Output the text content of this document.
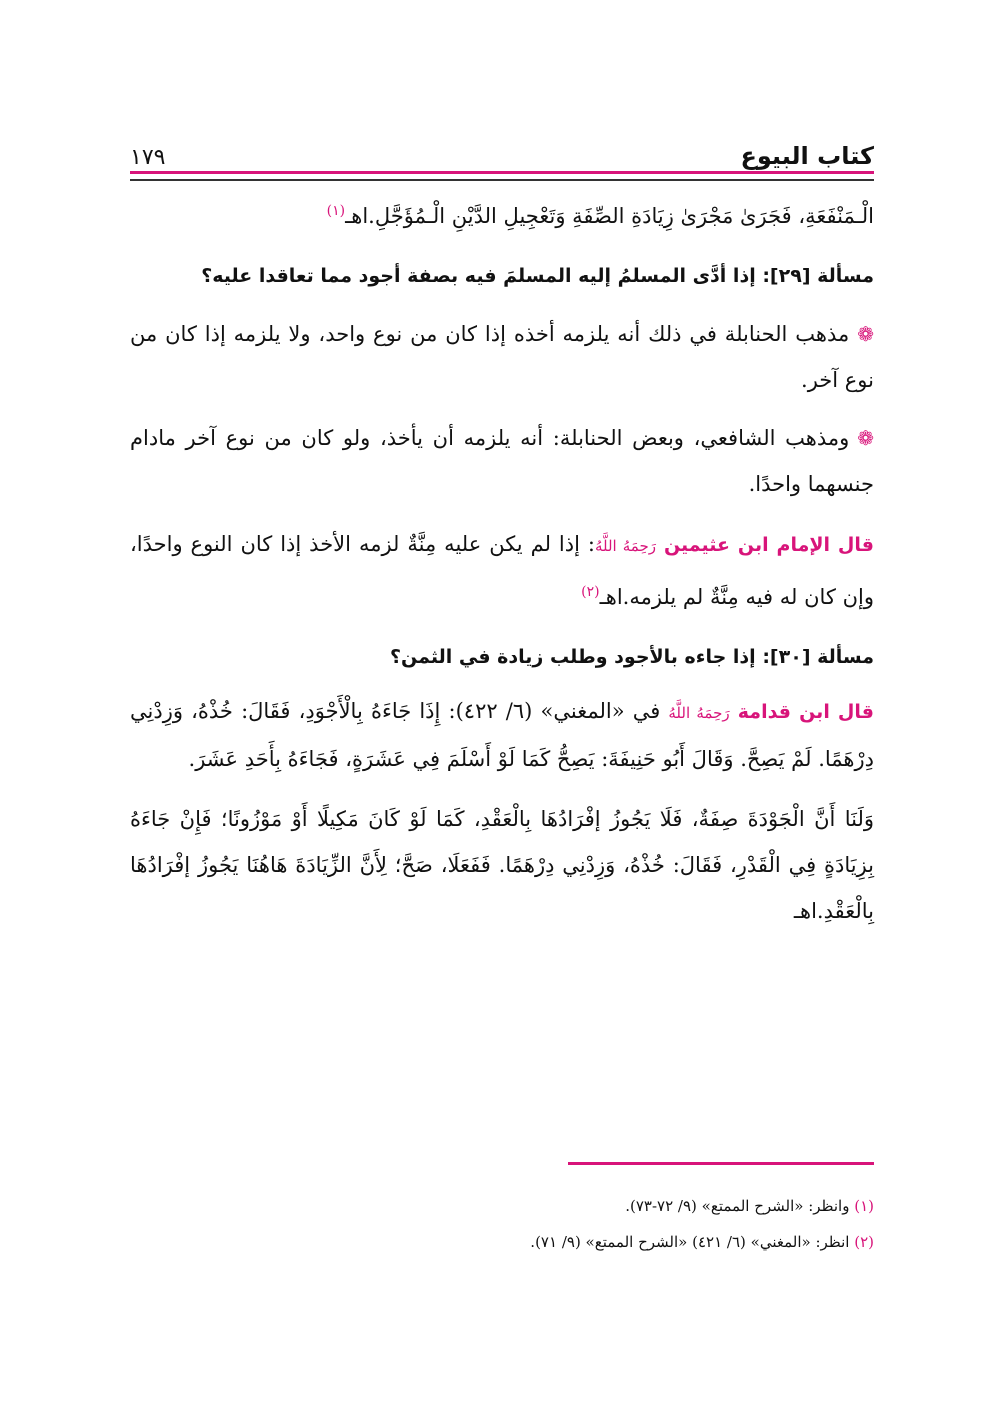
كتاب البيوع
١٧٩

الْـمَنْفَعَةِ، فَجَرَىٰ مَجْرَىٰ زِيَادَةِ الصِّفَةِ وَتَعْجِيلِ الدَّيْنِ الْـمُؤَجَّلِ.اهـ$^{(١)}$

مسألة [٢٩]: إذا أدَّى المسلمُ إليه المسلمَ فيه بصفة أجود مما تعاقدا عليه؟

❁مذهب الحنابلة في ذلك أنه يلزمه أخذه إذا كان من نوع واحد، ولا يلزمه إذا كان من نوع آخر.

❁ومذهب الشافعي، وبعض الحنابلة: أنه يلزمه أن يأخذ، ولو كان من نوع آخر مادام جنسهما واحدًا.

قال الإمام ابن عثيمين رَحِمَهُ اللَّهُ: إذا لم يكن عليه مِنَّةٌ لزمه الأخذ إذا كان النوع واحدًا، وإن كان له فيه مِنَّةٌ لم يلزمه.اهـ$^{(٢)}$

مسألة [٣٠]: إذا جاءه بالأجود وطلب زيادة في الثمن؟

قال ابن قدامة رَحِمَهُ اللَّهُ في «المغني» (٦/ ٤٢٢): إِذَا جَاءَهُ بِالْأَجْوَدِ، فَقَالَ: خُذْهُ، وَزِدْنِي دِرْهَمًا. لَمْ يَصِحَّ. وَقَالَ أَبُو حَنِيفَةَ: يَصِحُّ كَمَا لَوْ أَسْلَمَ فِي عَشَرَةٍ، فَجَاءَهُ بِأَحَدِ عَشَرَ.

وَلَنَا أَنَّ الْجَوْدَةَ صِفَةٌ، فَلَا يَجُوزُ إفْرَادُهَا بِالْعَقْدِ، كَمَا لَوْ كَانَ مَكِيلًا أَوْ مَوْزُونًا؛ فَإِنْ جَاءَهُ بِزِيَادَةٍ فِي الْقَدْرِ، فَقَالَ: خُذْهُ، وَزِدْنِي دِرْهَمًا. فَفَعَلَا، صَحَّ؛ لِأَنَّ الزِّيَادَةَ هَاهُنَا يَجُوزُ إفْرَادُهَا بِالْعَقْدِ.اهـ

(١) وانظر: «الشرح الممتع» (٩/ ٧٢-٧٣).
(٢) انظر: «المغني» (٦/ ٤٢١) «الشرح الممتع» (٩/ ٧١).
